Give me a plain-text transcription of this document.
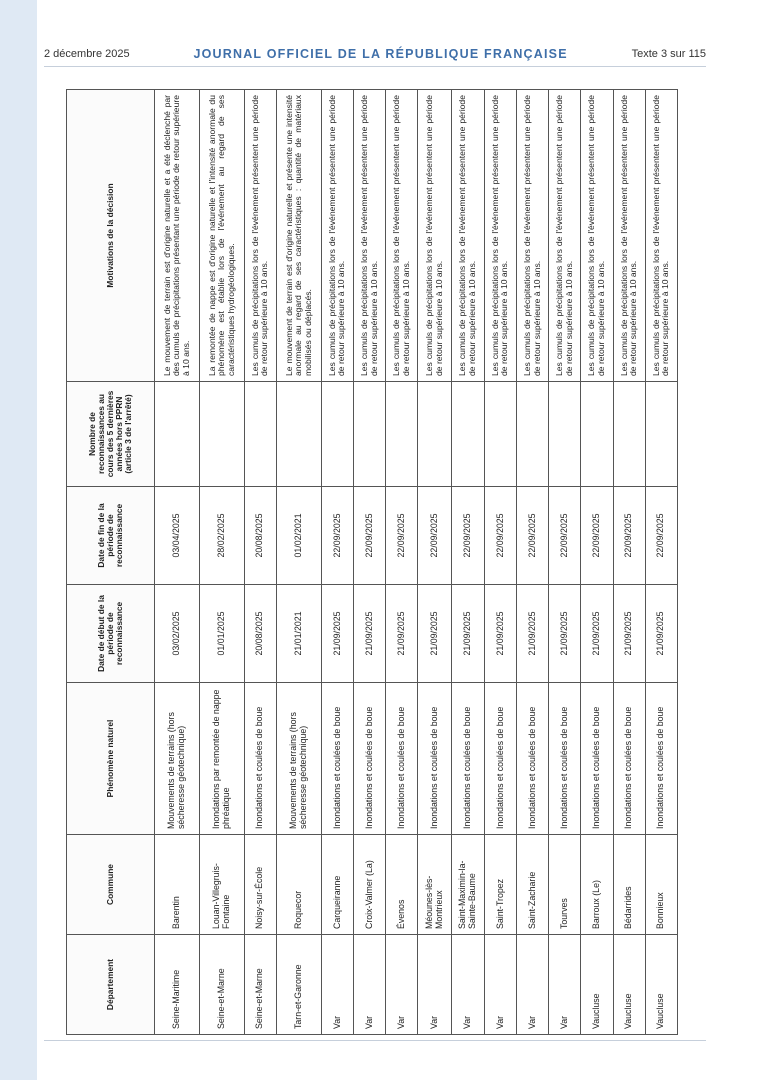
2 décembre 2025	JOURNAL OFFICIEL DE LA RÉPUBLIQUE FRANÇAISE	Texte 3 sur 115
Département	Commune	Phénomène naturel	Date de début de la période de reconnaissance	Date de fin de la période de reconnaissance	Nombre de reconnaissances au cours des 5 dernières années hors PPRN (article 3 de l'arrêté)	Motivations de la décision
Seine-Maritime	Barentin	Mouvements de terrains (hors sécheresse géotechnique)	03/02/2025	03/04/2025		Le mouvement de terrain est d'origine naturelle et a été déclenché par des cumuls de précipitations présentant une période de retour supérieure à 10 ans.
Seine-et-Marne	Louan-Villegruis-Fontaine	Inondations par remontée de nappe phréatique	01/01/2025	28/02/2025		La remontée de nappe est d'origine naturelle et l'intensité anormale du phénomène est établie lors de l'événement au regard de ses caractéristiques hydrogéologiques.
Seine-et-Marne	Noisy-sur-École	Inondations et coulées de boue	20/08/2025	20/08/2025		Les cumuls de précipitations lors de l'événement présentent une période de retour supérieure à 10 ans.
Tarn-et-Garonne	Roquecor	Mouvements de terrains (hors sécheresse géotechnique)	21/01/2021	01/02/2021		Le mouvement de terrain est d'origine naturelle et présente une intensité anormale au regard de ses caractéristiques : quantité de matériaux mobilisés ou déplacés.
Var	Carqueiranne	Inondations et coulées de boue	21/09/2025	22/09/2025		Les cumuls de précipitations lors de l'événement présentent une période de retour supérieure à 10 ans.
Var	Croix-Valmer (La)	Inondations et coulées de boue	21/09/2025	22/09/2025		Les cumuls de précipitations lors de l'événement présentent une période de retour supérieure à 10 ans.
Var	Évenos	Inondations et coulées de boue	21/09/2025	22/09/2025		Les cumuls de précipitations lors de l'événement présentent une période de retour supérieure à 10 ans.
Var	Méounes-lès-Montrieux	Inondations et coulées de boue	21/09/2025	22/09/2025		Les cumuls de précipitations lors de l'événement présentent une période de retour supérieure à 10 ans.
Var	Saint-Maximin-la-Sainte-Baume	Inondations et coulées de boue	21/09/2025	22/09/2025		Les cumuls de précipitations lors de l'événement présentent une période de retour supérieure à 10 ans.
Var	Saint-Tropez	Inondations et coulées de boue	21/09/2025	22/09/2025		Les cumuls de précipitations lors de l'événement présentent une période de retour supérieure à 10 ans.
Var	Saint-Zacharie	Inondations et coulées de boue	21/09/2025	22/09/2025		Les cumuls de précipitations lors de l'événement présentent une période de retour supérieure à 10 ans.
Var	Tourves	Inondations et coulées de boue	21/09/2025	22/09/2025		Les cumuls de précipitations lors de l'événement présentent une période de retour supérieure à 10 ans.
Vaucluse	Barroux (Le)	Inondations et coulées de boue	21/09/2025	22/09/2025		Les cumuls de précipitations lors de l'événement présentent une période de retour supérieure à 10 ans.
Vaucluse	Bédarrides	Inondations et coulées de boue	21/09/2025	22/09/2025		Les cumuls de précipitations lors de l'événement présentent une période de retour supérieure à 10 ans.
Vaucluse	Bonnieux	Inondations et coulées de boue	21/09/2025	22/09/2025		Les cumuls de précipitations lors de l'événement présentent une période de retour supérieure à 10 ans.
